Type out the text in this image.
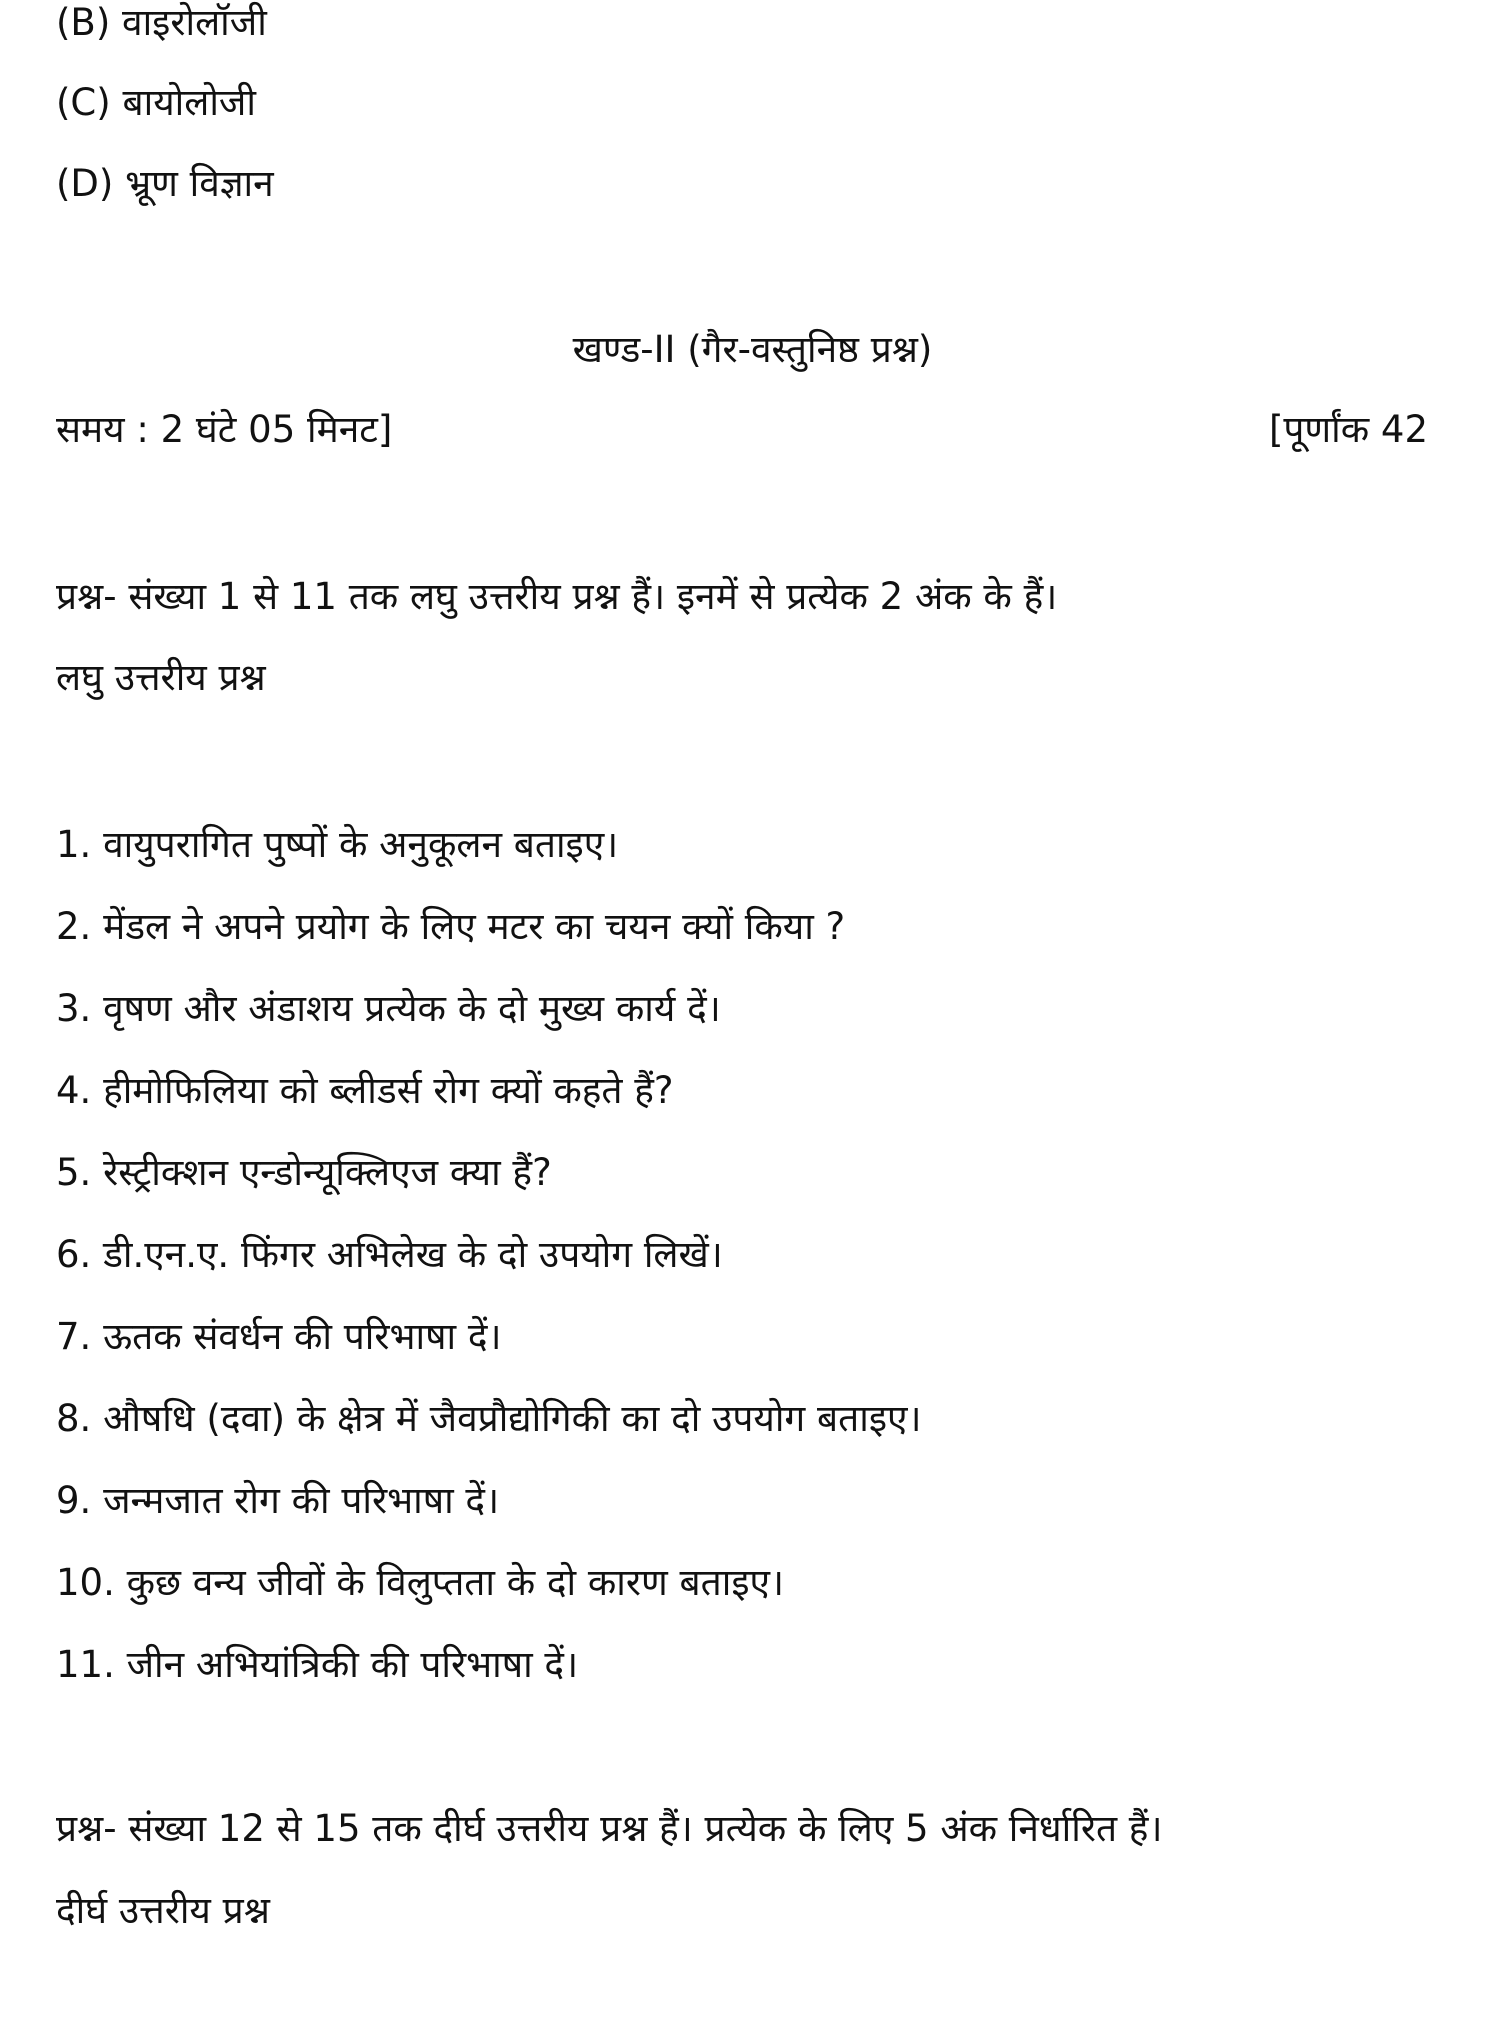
(B) वाइरोलॉजी
(C) बायोलोजी
(D) भ्रूण विज्ञान
खण्ड-II (गैर-वस्तुनिष्ठ प्रश्न)
समय : 2 घंटे 05 मिनट]	[पूर्णांक 42
प्रश्न- संख्या 1 से 11 तक लघु उत्तरीय प्रश्न हैं। इनमें से प्रत्येक 2 अंक के हैं।
लघु उत्तरीय प्रश्न
1. वायुपरागित पुष्पों के अनुकूलन बताइए।
2. मेंडल ने अपने प्रयोग के लिए मटर का चयन क्यों किया ?
3. वृषण और अंडाशय प्रत्येक के दो मुख्य कार्य दें।
4. हीमोफिलिया को ब्लीडर्स रोग क्यों कहते हैं?
5. रेस्ट्रीक्शन एन्डोन्यूक्लिएज क्या हैं?
6. डी.एन.ए. फिंगर अभिलेख के दो उपयोग लिखें।
7. ऊतक संवर्धन की परिभाषा दें।
8. औषधि (दवा) के क्षेत्र में जैवप्रौद्योगिकी का दो उपयोग बताइए।
9. जन्मजात रोग की परिभाषा दें।
10. कुछ वन्य जीवों के विलुप्तता के दो कारण बताइए।
11. जीन अभियांत्रिकी की परिभाषा दें।
प्रश्न- संख्या 12 से 15 तक दीर्घ उत्तरीय प्रश्न हैं। प्रत्येक के लिए 5 अंक निर्धारित हैं।
दीर्घ उत्तरीय प्रश्न
